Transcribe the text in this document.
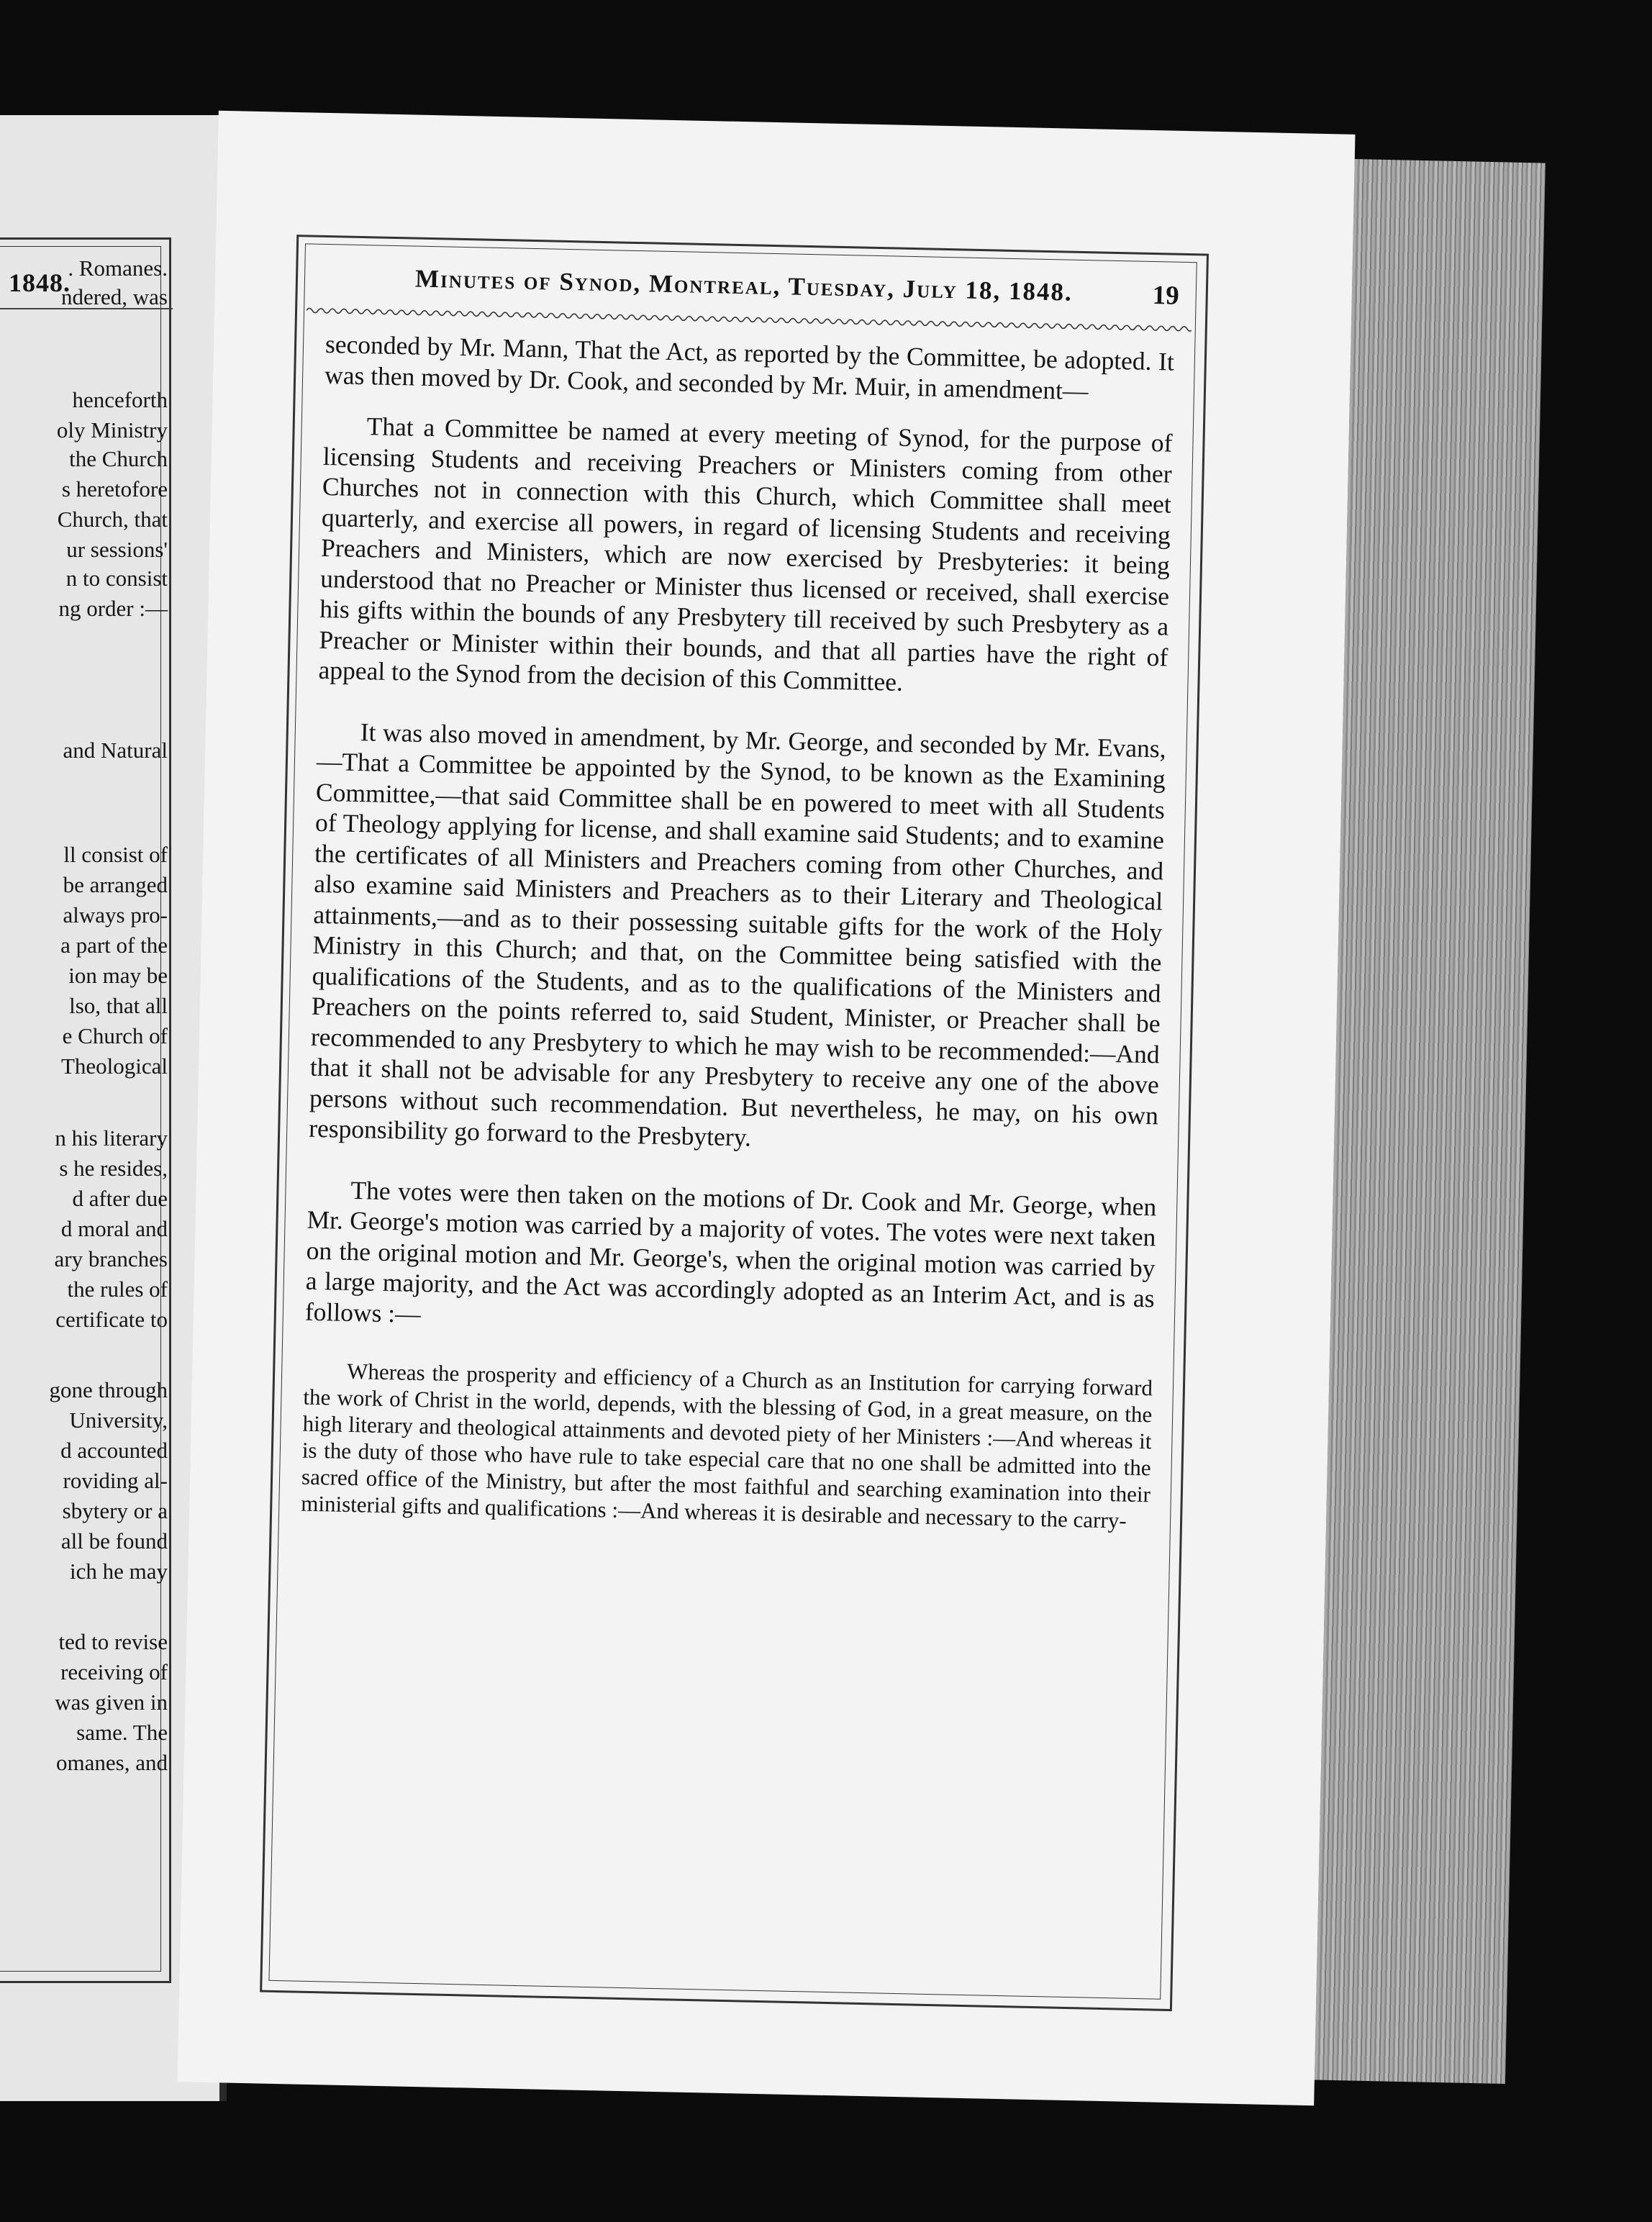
1848.
. Romanes.
ndered, was
henceforth
oly Ministry
the Church
s heretofore
Church, that
ur sessions'
n to consist
ng order :—
and Natural
ll consist of
be arranged
always pro-
a part of the
ion may be
lso, that all
e Church of
Theological
n his literary
s he resides,
d after due
d moral and
ary branches
the rules of
certificate to
gone through
University,
d accounted
roviding al-
sbytery or a
all be found
ich he may
ted to revise
receiving of
was given in
same. The
omanes, and
Minutes of Synod, Montreal, Tuesday, July 18, 1848.	19

seconded by Mr. Mann, That the Act, as reported by the Committee, be adopted. It was then moved by Dr. Cook, and seconded by Mr. Muir, in amendment—

That a Committee be named at every meeting of Synod, for the purpose of licensing Students and receiving Preachers or Ministers coming from other Churches not in connection with this Church, which Committee shall meet quarterly, and exercise all powers, in regard of licensing Students and receiving Preachers and Ministers, which are now exercised by Presbyteries: it being understood that no Preacher or Minister thus licensed or received, shall exercise his gifts within the bounds of any Presbytery till received by such Presbytery as a Preacher or Minister within their bounds, and that all parties have the right of appeal to the Synod from the decision of this Committee.

It was also moved in amendment, by Mr. George, and seconded by Mr. Evans,—That a Committee be appointed by the Synod, to be known as the Examining Committee,—that said Committee shall be en powered to meet with all Students of Theology applying for license, and shall examine said Students; and to examine the certificates of all Ministers and Preachers coming from other Churches, and also examine said Ministers and Preachers as to their Literary and Theological attainments,—and as to their possessing suitable gifts for the work of the Holy Ministry in this Church; and that, on the Committee being satisfied with the qualifications of the Students, and as to the qualifications of the Ministers and Preachers on the points referred to, said Student, Minister, or Preacher shall be recommended to any Presbytery to which he may wish to be recommended:—And that it shall not be advisable for any Presbytery to receive any one of the above persons without such recommendation. But nevertheless, he may, on his own responsibility go forward to the Presbytery.

The votes were then taken on the motions of Dr. Cook and Mr. George, when Mr. George's motion was carried by a majority of votes. The votes were next taken on the original motion and Mr. George's, when the original motion was carried by a large majority, and the Act was accordingly adopted as an Interim Act, and is as follows :—

Whereas the prosperity and efficiency of a Church as an Institution for carrying forward the work of Christ in the world, depends, with the blessing of God, in a great measure, on the high literary and theological attainments and devoted piety of her Ministers :—And whereas it is the duty of those who have rule to take especial care that no one shall be admitted into the sacred office of the Ministry, but after the most faithful and searching examination into their ministerial gifts and qualifications :—And whereas it is desirable and necessary to the carry-
